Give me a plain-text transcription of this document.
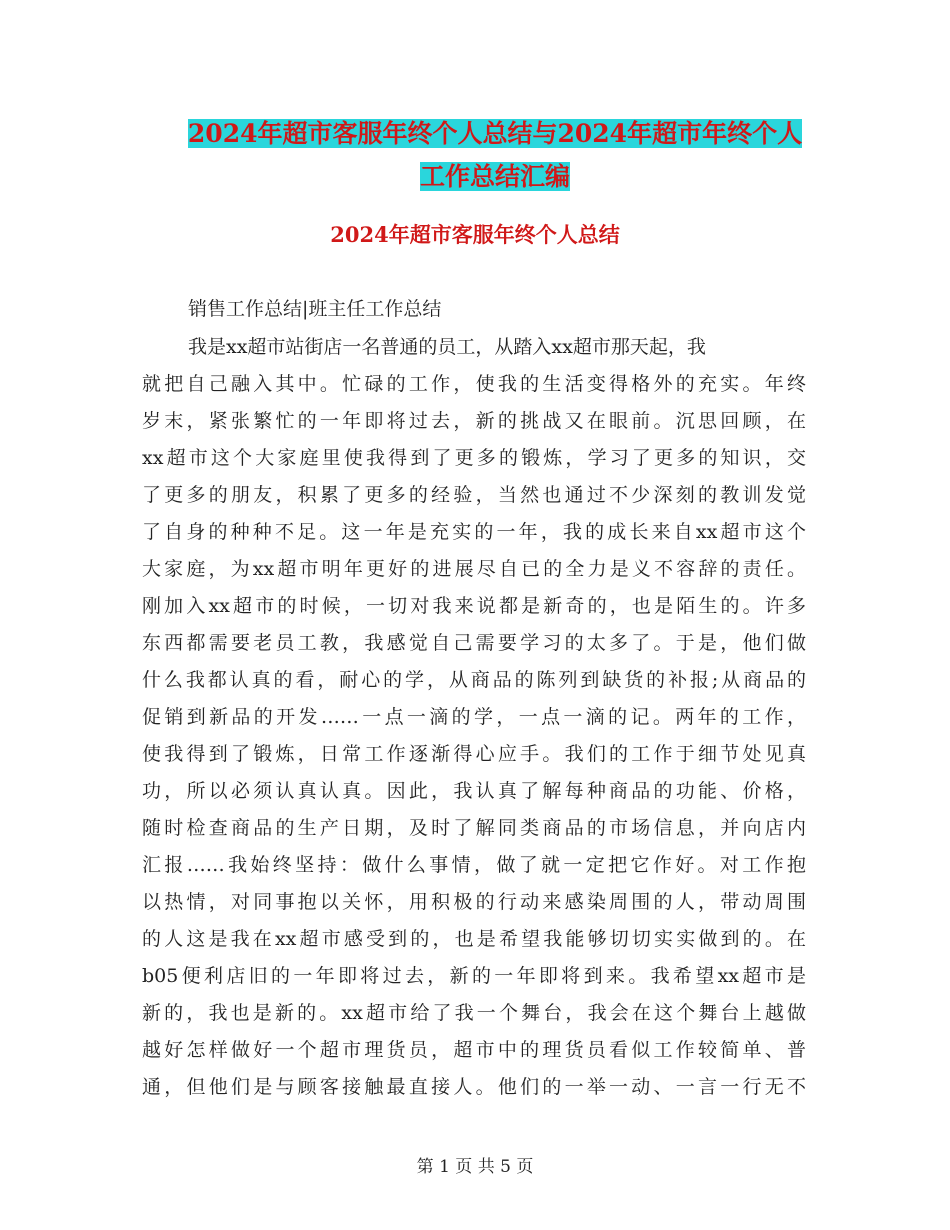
2024年超市客服年终个人总结与2024年超市年终个人
工作总结汇编
2024年超市客服年终个人总结
销售工作总结|班主任工作总结
我是xx超市站街店一名普通的员工，从踏入xx超市那天起，我
就把自己融入其中。忙碌的工作，使我的生活变得格外的充实。年终
岁末，紧张繁忙的一年即将过去，新的挑战又在眼前。沉思回顾，在
xx超市这个大家庭里使我得到了更多的锻炼，学习了更多的知识，交
了更多的朋友，积累了更多的经验，当然也通过不少深刻的教训发觉
了自身的种种不足。这一年是充实的一年，我的成长来自xx超市这个
大家庭，为xx超市明年更好的进展尽自已的全力是义不容辞的责任。
刚加入xx超市的时候，一切对我来说都是新奇的，也是陌生的。许多
东西都需要老员工教，我感觉自己需要学习的太多了。于是，他们做
什么我都认真的看，耐心的学，从商品的陈列到缺货的补报;从商品的
促销到新品的开发……一点一滴的学，一点一滴的记。两年的工作，
使我得到了锻炼，日常工作逐渐得心应手。我们的工作于细节处见真
功，所以必须认真认真。因此，我认真了解每种商品的功能、价格，
随时检查商品的生产日期，及时了解同类商品的市场信息，并向店内
汇报……我始终坚持：做什么事情，做了就一定把它作好。对工作抱
以热情，对同事抱以关怀，用积极的行动来感染周围的人，带动周围
的人这是我在xx超市感受到的，也是希望我能够切切实实做到的。在
b05便利店旧的一年即将过去，新的一年即将到来。我希望xx超市是
新的，我也是新的。xx超市给了我一个舞台，我会在这个舞台上越做
越好怎样做好一个超市理货员，超市中的理货员看似工作较简单、普
通，但他们是与顾客接触最直接人。他们的一举一动、一言一行无不
第 1 页 共 5 页
